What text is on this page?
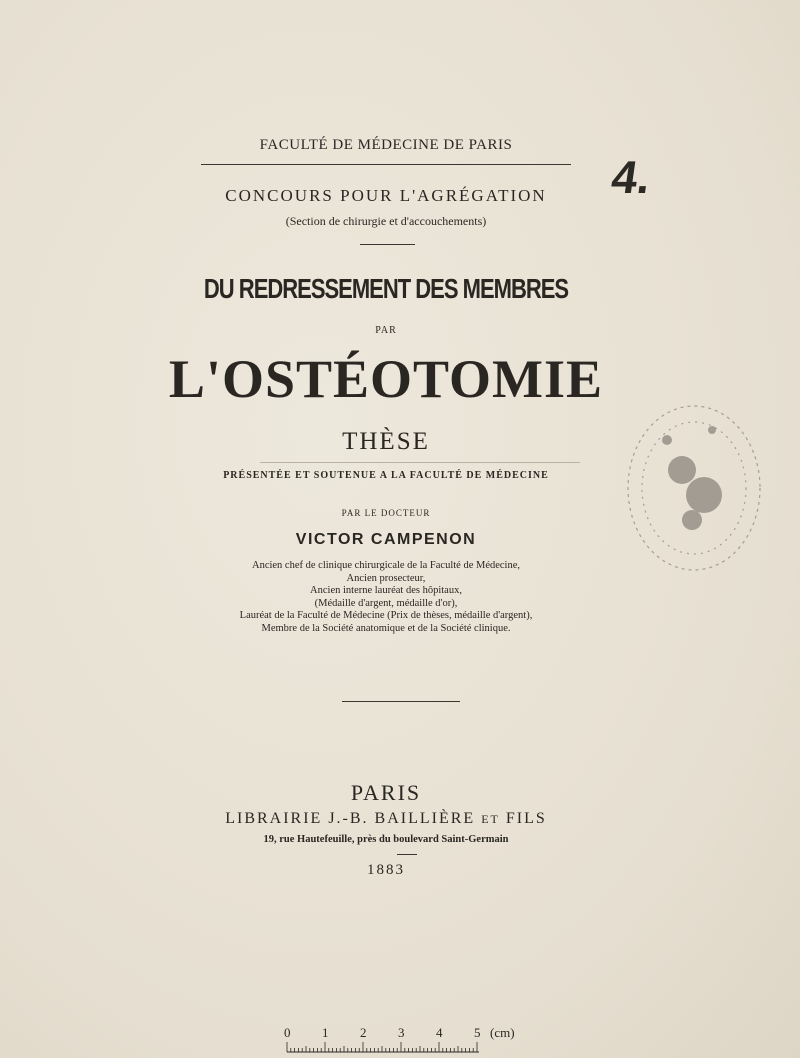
FACULTÉ DE MÉDECINE DE PARIS
4.
CONCOURS POUR L'AGRÉGATION
(Section de chirurgie et d'accouchements)
DU REDRESSEMENT DES MEMBRES
PAR
L'OSTÉOTOMIE
THÈSE
PRÉSENTÉE ET SOUTENUE A LA FACULTÉ DE MÉDECINE
PAR LE DOCTEUR
VICTOR CAMPENON
Ancien chef de clinique chirurgicale de la Faculté de Médecine,
Ancien prosecteur,
Ancien interne lauréat des hôpitaux,
(Médaille d'argent, médaille d'or),
Lauréat de la Faculté de Médecine (Prix de thèses, médaille d'argent),
Membre de la Société anatomique et de la Société clinique.
PARIS
LIBRAIRIE J.-B. BAILLIÈRE ET FILS
19, rue Hautefeuille, près du boulevard Saint-Germain
1883
0 1 2 3 4 5 (cm)
